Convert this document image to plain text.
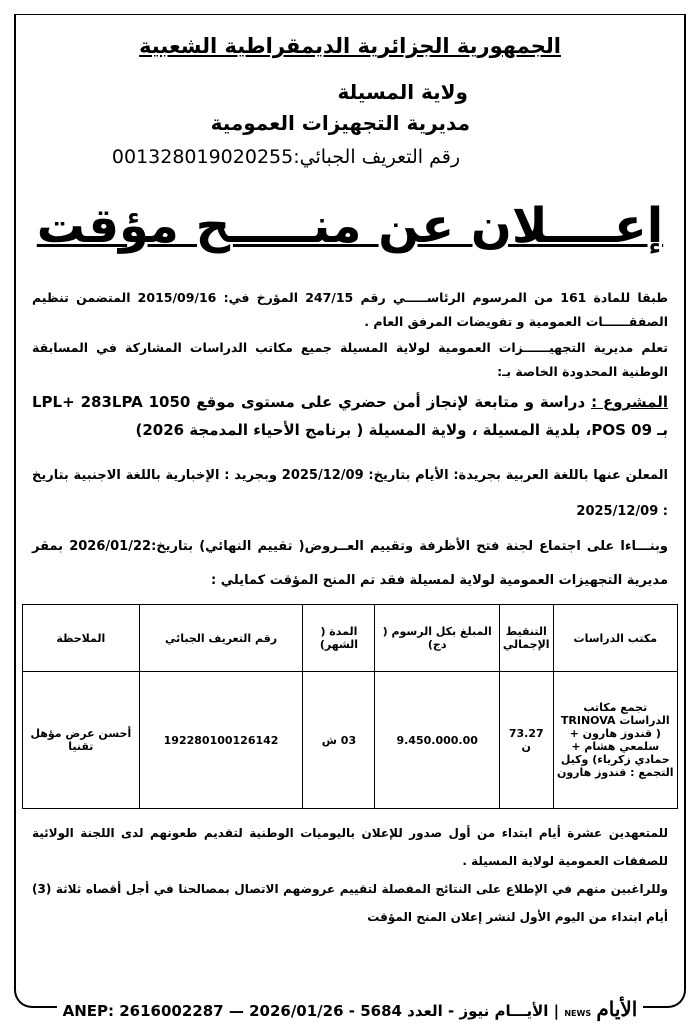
الجمهورية الجزائرية الديمقراطية الشعبية
ولاية المسيلة
مديرية التجهيزات العمومية
رقم التعريف الجبائي:001328019020255
إعــــلان عن منـــــح مؤقت

طبقا للمادة 161 من المرسوم الرئاســـــي رقم 247/15 المؤرخ في: 2015/09/16 المتضمن تنظيم الصفقــــــات العمومية و تفويضات المرفق العام .

تعلم مديرية التجهيــــــزات العمومية لولاية المسيلة جميع مكاتب الدراسات المشاركة في المسابقة الوطنية المحدودة الخاصة بـ:

المشروع : دراسة و متابعة لإنجاز أمن حضري على مستوى موقع 1050 LPL+ 283LPA بـ POS 09، بلدية المسيلة ، ولاية المسيلة ( برنامج الأحياء المدمجة 2026)

المعلن عنها باللغة العربية بجريدة: الأيام بتاريخ: 2025/12/09 وبجريد : الإخبارية باللغة الاجنبية بتاريخ : 2025/12/09

وبنـــاءا على اجتماع لجنة فتح الأظرفة وتقييم العــروض( تقييم النهائي) بتاريخ:2026/01/22 بمقر مديرية التجهيزات العمومية لولاية لمسيلة فقد تم المنح المؤقت كمايلي :

مكتب الدراسات	التنقيط الإجمالي	المبلغ بكل الرسوم ( دج)	المدة ( الشهر)	رقم التعريف الجبائي	الملاحظة
تجمع مكاتب الدراسات TRINOVA ( قندوز هارون + سلمعي هشام + حمادي زكرياء) وكيل التجمع : قندوز هارون	73.27 ن	9.450.000.00	03 ش	192280100126142	أحسن عرض مؤهل تقنيا

للمتعهدين عشرة أيام ابتداء من أول صدور للإعلان باليوميات الوطنية لتقديم طعونهم لدى اللجنة الولائية للصفقات العمومية لولاية المسيلة .

وللراغبين منهم في الإطلاع على النتائج المفصلة لتقييم عروضهم الاتصال بمصالحنا في أجل أقصاه ثلاثة (3) أيام ابتداء من اليوم الأول لنشر إعلان المنح المؤقت

ANEP: 2616002287 — | الأيـــام نيوز - العدد 5684 - 2026/01/26 NEWS الأيام
